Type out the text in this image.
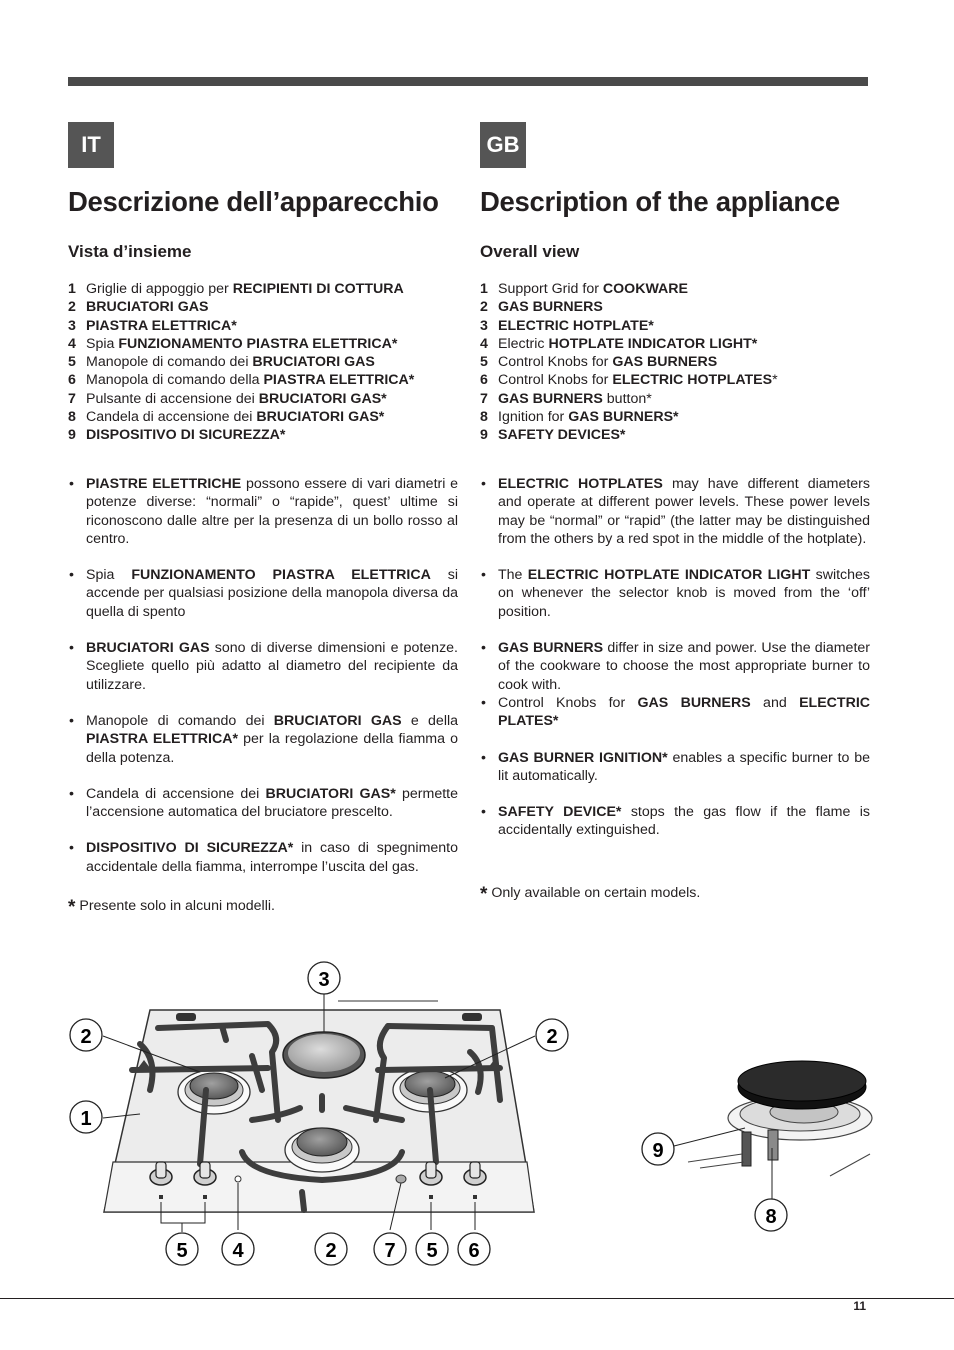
IT
Descrizione dell’apparecchio
Vista d’insieme
1 Griglie di appoggio per RECIPIENTI DI COTTURA
2 BRUCIATORI GAS
3 PIASTRA ELETTRICA*
4 Spia FUNZIONAMENTO PIASTRA ELETTRICA*
5 Manopole di comando dei BRUCIATORI GAS
6 Manopola di comando della PIASTRA ELETTRICA*
7 Pulsante di accensione dei BRUCIATORI GAS*
8 Candela di accensione dei BRUCIATORI GAS*
9 DISPOSITIVO DI SICUREZZA*
• PIASTRE ELETTRICHE possono essere di vari diametri e potenze diverse: “normali” o “rapide”, quest’ ultime si riconoscono dalle altre per la presenza di un bollo rosso al centro.
• Spia FUNZIONAMENTO PIASTRA ELETTRICA si accende per qualsiasi posizione della manopola diversa da quella di spento
• BRUCIATORI GAS sono di diverse dimensioni e potenze. Scegliete quello più adatto al diametro del recipiente da utilizzare.
• Manopole di comando dei BRUCIATORI GAS e della PIASTRA ELETTRICA* per la regolazione della fiamma o della potenza.
• Candela di accensione dei BRUCIATORI GAS* permette l’accensione automatica del bruciatore prescelto.
• DISPOSITIVO DI SICUREZZA* in caso di spegnimento accidentale della fiamma, interrompe l’uscita del gas.
* Presente solo in alcuni modelli.
GB
Description of the appliance
Overall view
1 Support Grid for COOKWARE
2 GAS BURNERS
3 ELECTRIC HOTPLATE*
4 Electric HOTPLATE INDICATOR LIGHT*
5 Control Knobs for GAS BURNERS
6 Control Knobs for ELECTRIC HOTPLATES*
7 GAS BURNERS button*
8 Ignition for GAS BURNERS*
9 SAFETY DEVICES*
• ELECTRIC HOTPLATES may have different diameters and operate at different power levels. These power levels may be “normal” or “rapid” (the latter may be distinguished from the others by a red spot in the middle of the hotplate).
• The ELECTRIC HOTPLATE INDICATOR LIGHT switches on whenever the selector knob is moved from the ‘off’ position.
• GAS BURNERS differ in size and power. Use the diameter of the cookware to choose the most appropriate burner to cook with.
• Control Knobs for GAS BURNERS and ELECTRIC PLATES*
• GAS BURNER IGNITION* enables a specific burner to be lit automatically.
• SAFETY DEVICE* stops the gas flow if the flame is accidentally extinguished.
* Only available on certain models.
3
2	2
1
5 4	2 7 5 6
9
8
11
